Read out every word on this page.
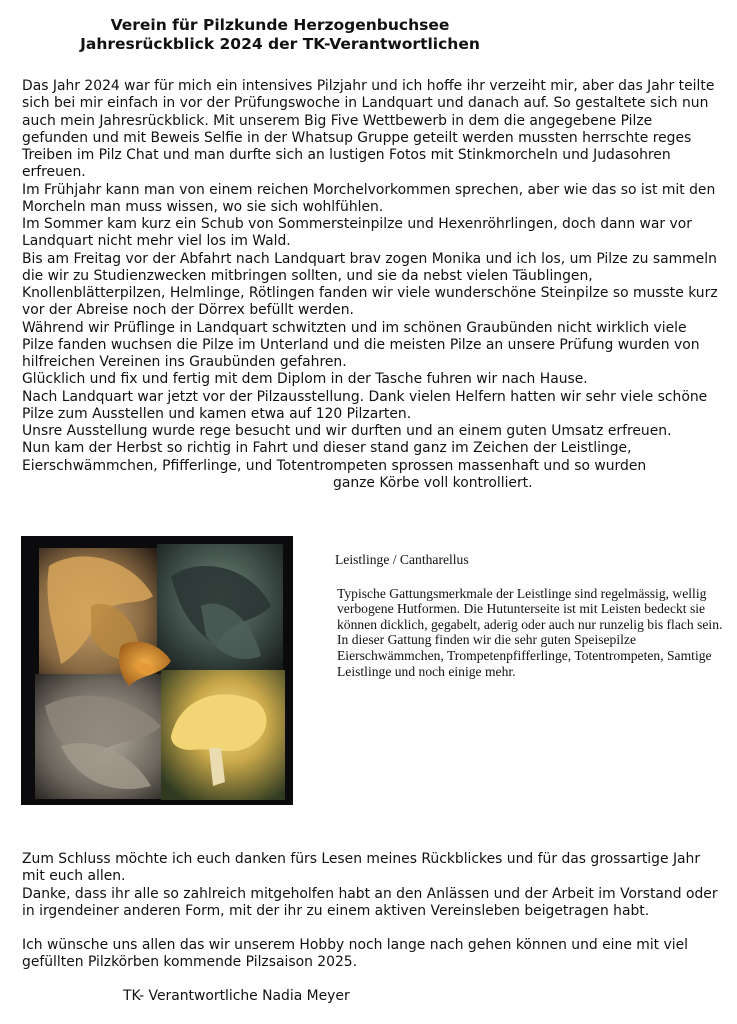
Verein für Pilzkunde Herzogenbuchsee
Jahresrückblick 2024 der TK-Verantwortlichen

Das Jahr 2024 war für mich ein intensives Pilzjahr und ich hoffe ihr verzeiht mir, aber das Jahr teilte sich bei mir einfach in vor der Prüfungswoche in Landquart und danach auf. So gestaltete sich nun auch mein Jahresrückblick. Mit unserem Big Five Wettbewerb in dem die angegebene Pilze gefunden und mit Beweis Selfie in der Whatsup Gruppe geteilt werden mussten herrschte reges Treiben im Pilz Chat und man durfte sich an lustigen Fotos mit Stinkmorcheln und Judasohren erfreuen.

Im Frühjahr kann man von einem reichen Morchelvorkommen sprechen, aber wie das so ist mit den Morcheln man muss wissen, wo sie sich wohlfühlen.

Im Sommer kam kurz ein Schub von Sommersteinpilze und Hexenröhrlingen, doch dann war vor Landquart nicht mehr viel los im Wald.

Bis am Freitag vor der Abfahrt nach Landquart brav zogen Monika und ich los, um Pilze zu sammeln die wir zu Studienzwecken mitbringen sollten, und sie da nebst vielen Täublingen, Knollenblätterpilzen, Helmlinge, Rötlingen fanden wir viele wunderschöne Steinpilze so musste kurz vor der Abreise noch der Dörrex befüllt werden.

Während wir Prüflinge in Landquart schwitzten und im schönen Graubünden nicht wirklich viele Pilze fanden wuchsen die Pilze im Unterland und die meisten Pilze an unsere Prüfung wurden von hilfreichen Vereinen ins Graubünden gefahren.

Glücklich und fix und fertig mit dem Diplom in der Tasche fuhren wir nach Hause.

Nach Landquart war jetzt vor der Pilzausstellung. Dank vielen Helfern hatten wir sehr viele schöne Pilze zum Ausstellen und kamen etwa auf 120 Pilzarten.

Unsre Ausstellung wurde rege besucht und wir durften und an einem guten Umsatz erfreuen.

Nun kam der Herbst so richtig in Fahrt und dieser stand ganz im Zeichen der Leistlinge, Eierschwämmchen, Pfifferlinge, und Totentrompeten sprossen massenhaft und so wurden

ganze Körbe voll kontrolliert.

Leistlinge / Cantharellus

Typische Gattungsmerkmale der Leistlinge sind regelmässig, wellig verbogene Hutformen. Die Hutunterseite ist mit Leisten bedeckt sie können dicklich, gegabelt, aderig oder auch nur runzelig bis flach sein. In dieser Gattung finden wir die sehr guten Speisepilze Eierschwämmchen, Trompetenpfifferlinge, Totentrompeten, Samtige Leistlinge und noch einige mehr.

Zum Schluss möchte ich euch danken fürs Lesen meines Rückblickes und für das grossartige Jahr mit euch allen.

Danke, dass ihr alle so zahlreich mitgeholfen habt an den Anlässen und der Arbeit im Vorstand oder in irgendeiner anderen Form, mit der ihr zu einem aktiven Vereinsleben beigetragen habt.

Ich wünsche uns allen das wir unserem Hobby noch lange nach gehen können und eine mit viel gefüllten Pilzkörben kommende Pilzsaison 2025.

TK- Verantwortliche Nadia Meyer
